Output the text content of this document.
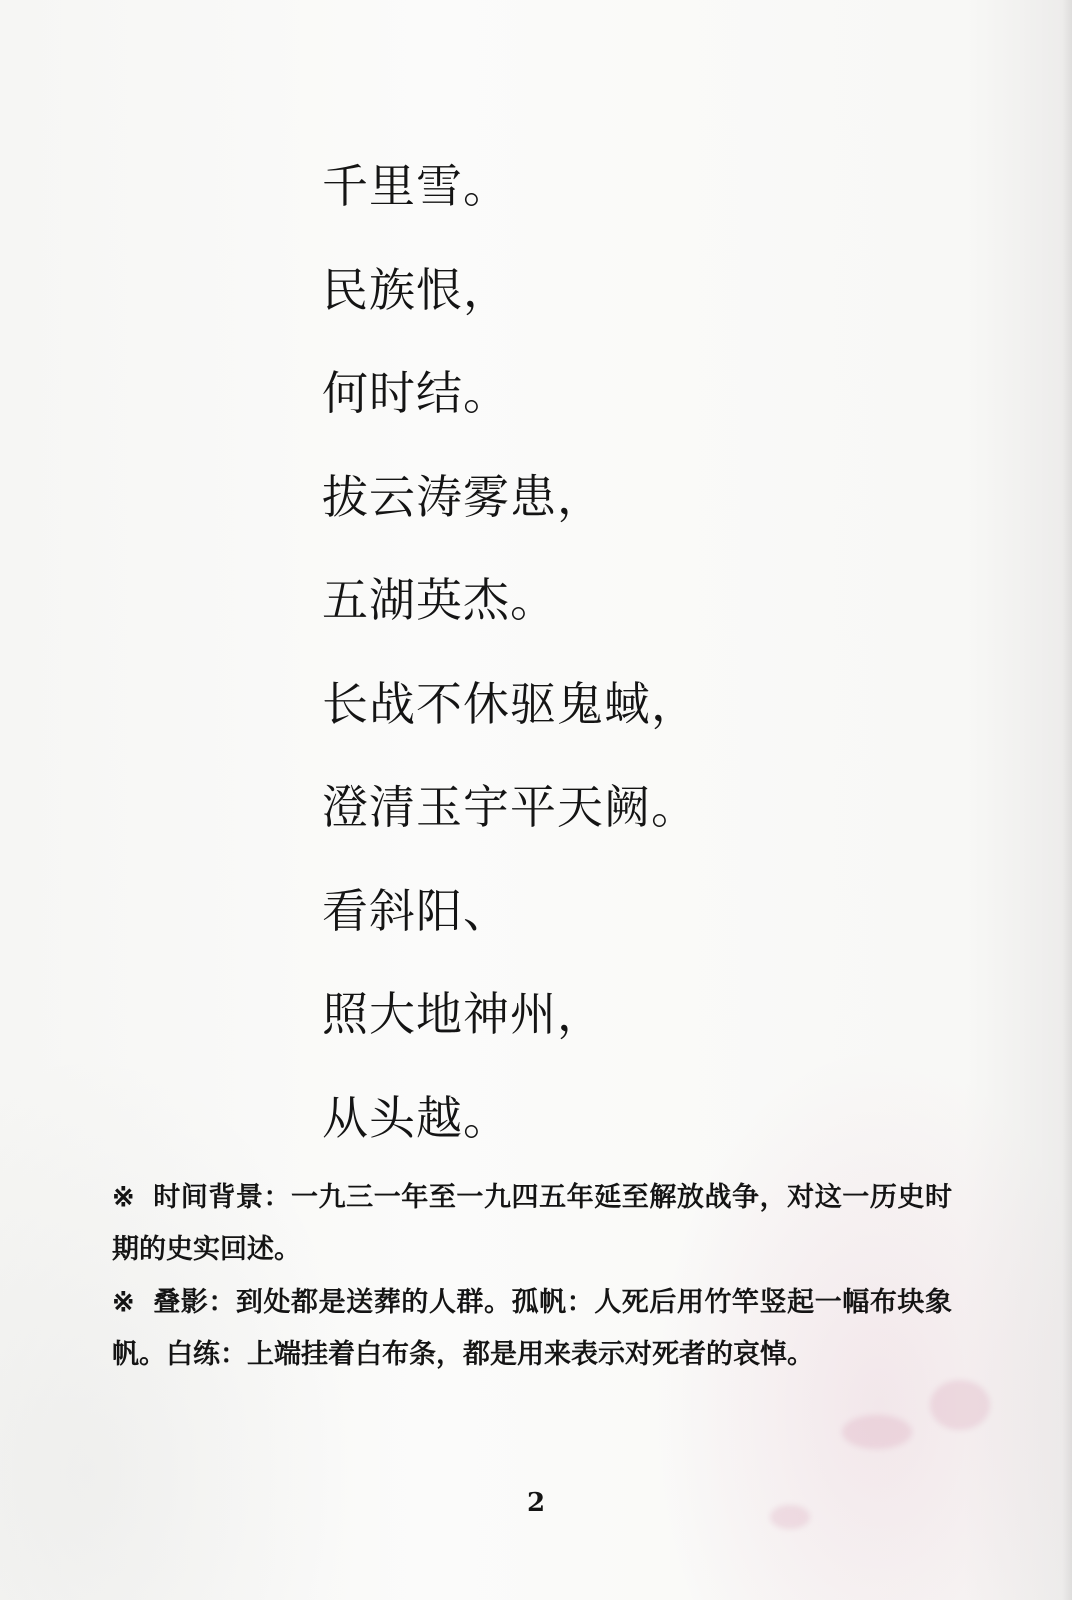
千里雪。
民族恨，
何时结。
拔云涛雾患，
五湖英杰。
长战不休驱鬼蜮，
澄清玉宇平天阙。
看斜阳、
照大地神州，
从头越。

※ 时间背景：一九三一年至一九四五年延至解放战争，对这一历史时期的史实回述。

※ 叠影：到处都是送葬的人群。孤帆：人死后用竹竿竖起一幅布块象帆。白练：上端挂着白布条，都是用来表示对死者的哀悼。

2
